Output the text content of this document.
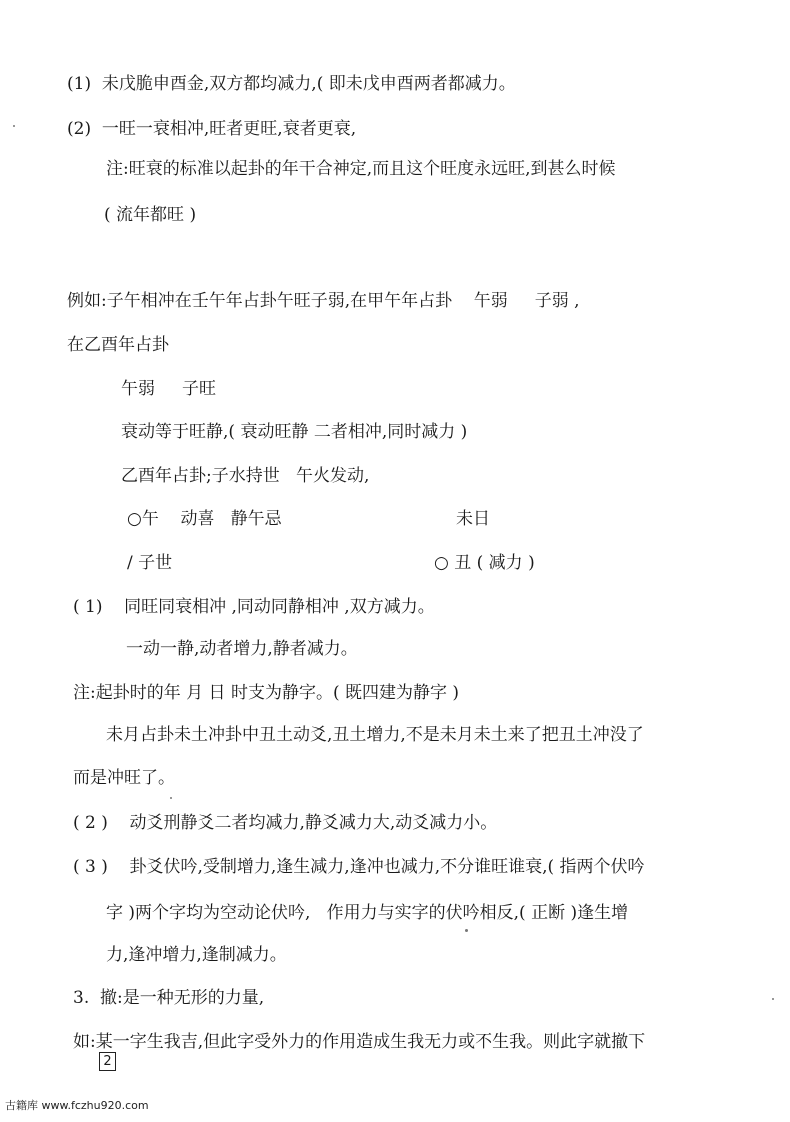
(1)  未戊脆申酉金,双方都均减力,( 即未戊申酉两者都减力。
(2)  一旺一衰相冲,旺者更旺,衰者更衰,
注:旺衰的标准以起卦的年干合神定,而且这个旺度永远旺,到甚么时候
( 流年都旺 )
例如:子午相冲在壬午年占卦午旺子弱,在甲午年占卦    午弱     子弱 ,
在乙酉年占卦
午弱     子旺
衰动等于旺静,( 衰动旺静 二者相冲,同时减力 )
乙酉年占卦;子水持世   午火发动,
○午    动喜   静午忌	未日
/ 子世	○ 丑 ( 减力 )
( 1)    同旺同衰相冲 ,同动同静相冲 ,双方减力。
一动一静,动者增力,静者减力。
注:起卦时的年 月 日 时支为静字。( 既四建为静字 )
未月占卦未土冲卦中丑土动爻,丑土增力,不是未月未土来了把丑土冲没了
而是冲旺了。
( 2 )    动爻刑静爻二者均减力,静爻减力大,动爻减力小。
( 3 )    卦爻伏吟,受制增力,逢生减力,逢冲也减力,不分谁旺谁衰,( 指两个伏吟
字 )两个字均为空动论伏吟,   作用力与实字的伏吟相反,( 正断 )逢生增
力,逢冲增力,逢制减力。
3.  撤:是一种无形的力量,
如:某一字生我吉,但此字受外力的作用造成生我无力或不生我。则此字就撤下
2
古籍库 www.fczhu920.com
